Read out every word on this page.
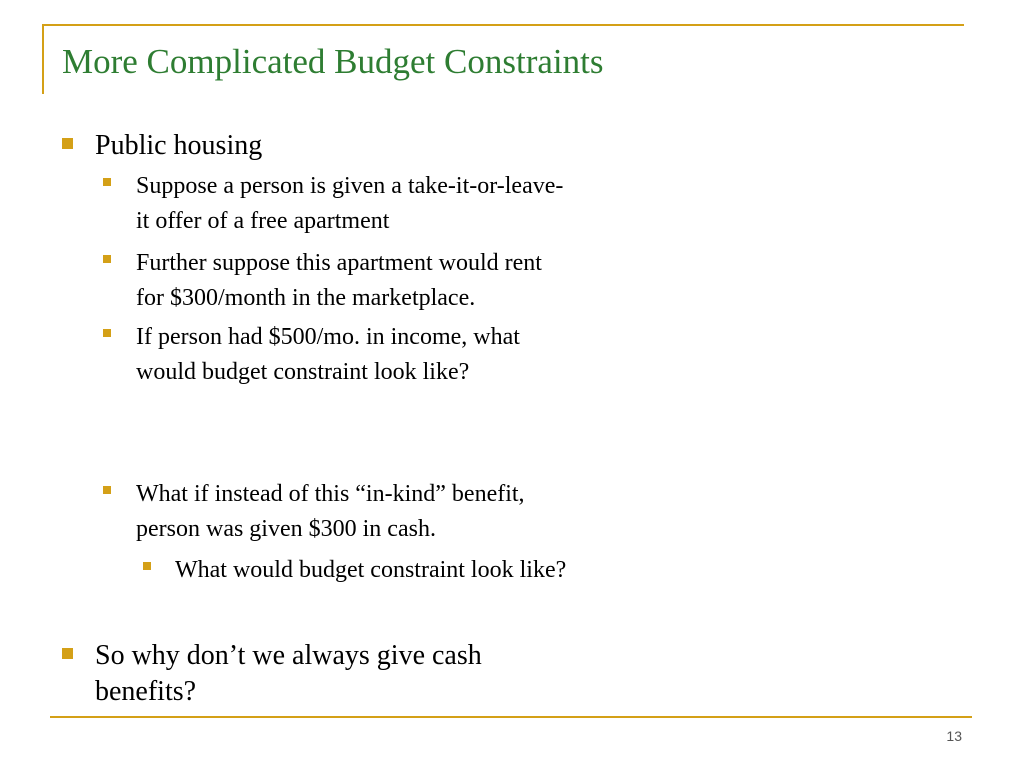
More Complicated Budget Constraints
Public housing
Suppose a person is given a take-it-or-leave-
it offer of a free apartment
Further suppose this apartment would rent
for $300/month in the marketplace.
If person had $500/mo. in income, what
would budget constraint look like?
What if instead of this “in-kind” benefit,
person was given $300 in cash.
What would budget constraint look like?
So why don’t we always give cash
benefits?
13
